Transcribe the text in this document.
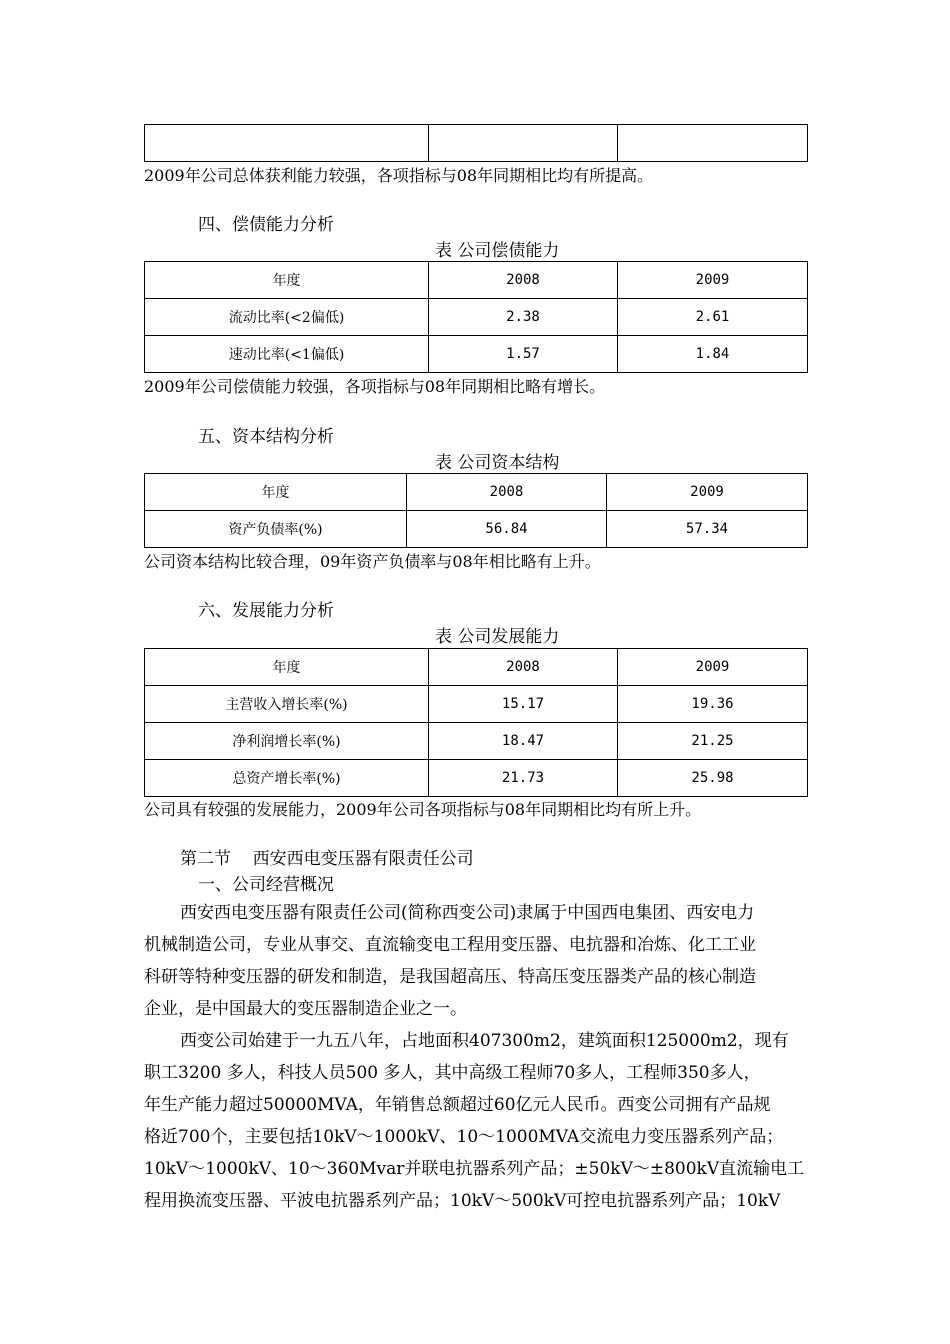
2009年公司总体获利能力较强，各项指标与08年同期相比均有所提高。
四、偿债能力分析
表 公司偿债能力
年度	2008	2009
流动比率(<2偏低)	2.38	2.61
速动比率(<1偏低)	1.57	1.84
2009年公司偿债能力较强，各项指标与08年同期相比略有增长。
五、资本结构分析
表 公司资本结构
年度	2008	2009
资产负债率(%)	56.84	57.34
公司资本结构比较合理，09年资产负债率与08年相比略有上升。
六、发展能力分析
表 公司发展能力
年度	2008	2009
主营收入增长率(%)	15.17	19.36
净利润增长率(%)	18.47	21.25
总资产增长率(%)	21.73	25.98
公司具有较强的发展能力，2009年公司各项指标与08年同期相比均有所上升。
第二节    西安西电变压器有限责任公司
一、公司经营概况
西安西电变压器有限责任公司(简称西变公司)隶属于中国西电集团、西安电力
机械制造公司，专业从事交、直流输变电工程用变压器、电抗器和冶炼、化工工业
科研等特种变压器的研发和制造，是我国超高压、特高压变压器类产品的核心制造
企业，是中国最大的变压器制造企业之一。
西变公司始建于一九五八年，占地面积407300m2，建筑面积125000m2，现有
职工3200 多人，科技人员500 多人，其中高级工程师70多人，工程师350多人，
年生产能力超过50000MVA，年销售总额超过60亿元人民币。西变公司拥有产品规
格近700个，主要包括10kV～1000kV、10～1000MVA交流电力变压器系列产品；
10kV～1000kV、10～360Mvar并联电抗器系列产品；±50kV～±800kV直流输电工
程用换流变压器、平波电抗器系列产品；10kV～500kV可控电抗器系列产品；10kV
